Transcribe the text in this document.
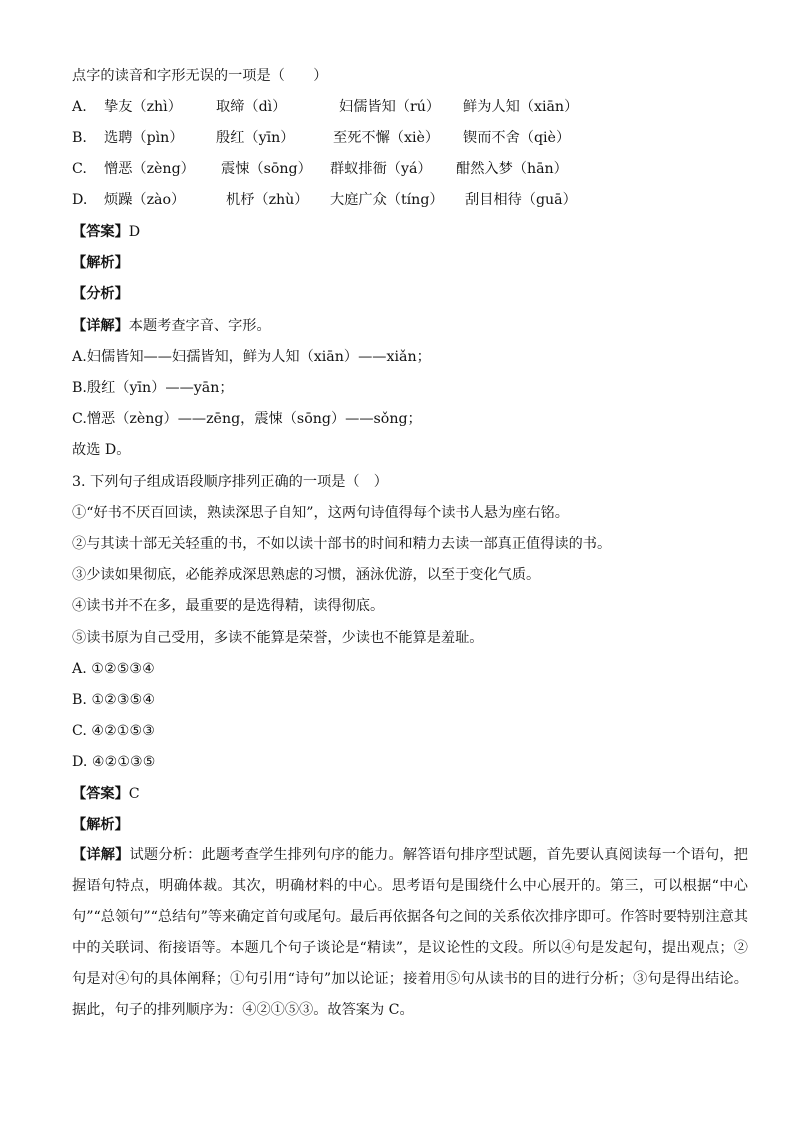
点字的读音和字形无误的一项是（　　）
A. 挚友（zhì） 取缔（dì）	妇儒皆知（rú） 鲜为人知（xiān）
B. 选聘（pìn） 殷红（yīn）	至死不懈（xiè） 锲而不舍（qiè）
C. 憎恶（zèng） 震悚（sōng） 群蚁排衙（yá） 酣然入梦（hān）
D. 烦躁（zào）	机杼（zhù） 大庭广众（tíng） 刮目相待（guā）
【答案】D
【解析】
【分析】
【详解】本题考查字音、字形。
A.妇儒皆知——妇孺皆知，鲜为人知（xiān）——xiǎn；
B.殷红（yīn）——yān；
C.憎恶（zèng）——zēng，震悚（sōng）——sǒng；
故选 D。
3. 下列句子组成语段顺序排列正确的一项是（　）
①“好书不厌百回读，熟读深思子自知”，这两句诗值得每个读书人悬为座右铭。
②与其读十部无关轻重的书，不如以读十部书的时间和精力去读一部真正值得读的书。
③少读如果彻底，必能养成深思熟虑的习惯，涵泳优游，以至于变化气质。
④读书并不在多，最重要的是选得精，读得彻底。
⑤读书原为自己受用，多读不能算是荣誉，少读也不能算是羞耻。
A. ①②⑤③④
B. ①②③⑤④
C. ④②①⑤③
D. ④②①③⑤
【答案】C
【解析】
【详解】试题分析：此题考查学生排列句序的能力。解答语句排序型试题，首先要认真阅读每一个语句，把握语句特点，明确体裁。其次，明确材料的中心。思考语句是围绕什么中心展开的。第三，可以根据“中心句”“总领句”“总结句”等来确定首句或尾句。最后再依据各句之间的关系依次排序即可。作答时要特别注意其中的关联词、衔接语等。本题几个句子谈论是“精读”，是议论性的文段。所以④句是发起句，提出观点；②句是对④句的具体阐释；①句引用“诗句”加以论证；接着用⑤句从读书的目的进行分析；③句是得出结论。据此，句子的排列顺序为：④②①⑤③。故答案为 C。
